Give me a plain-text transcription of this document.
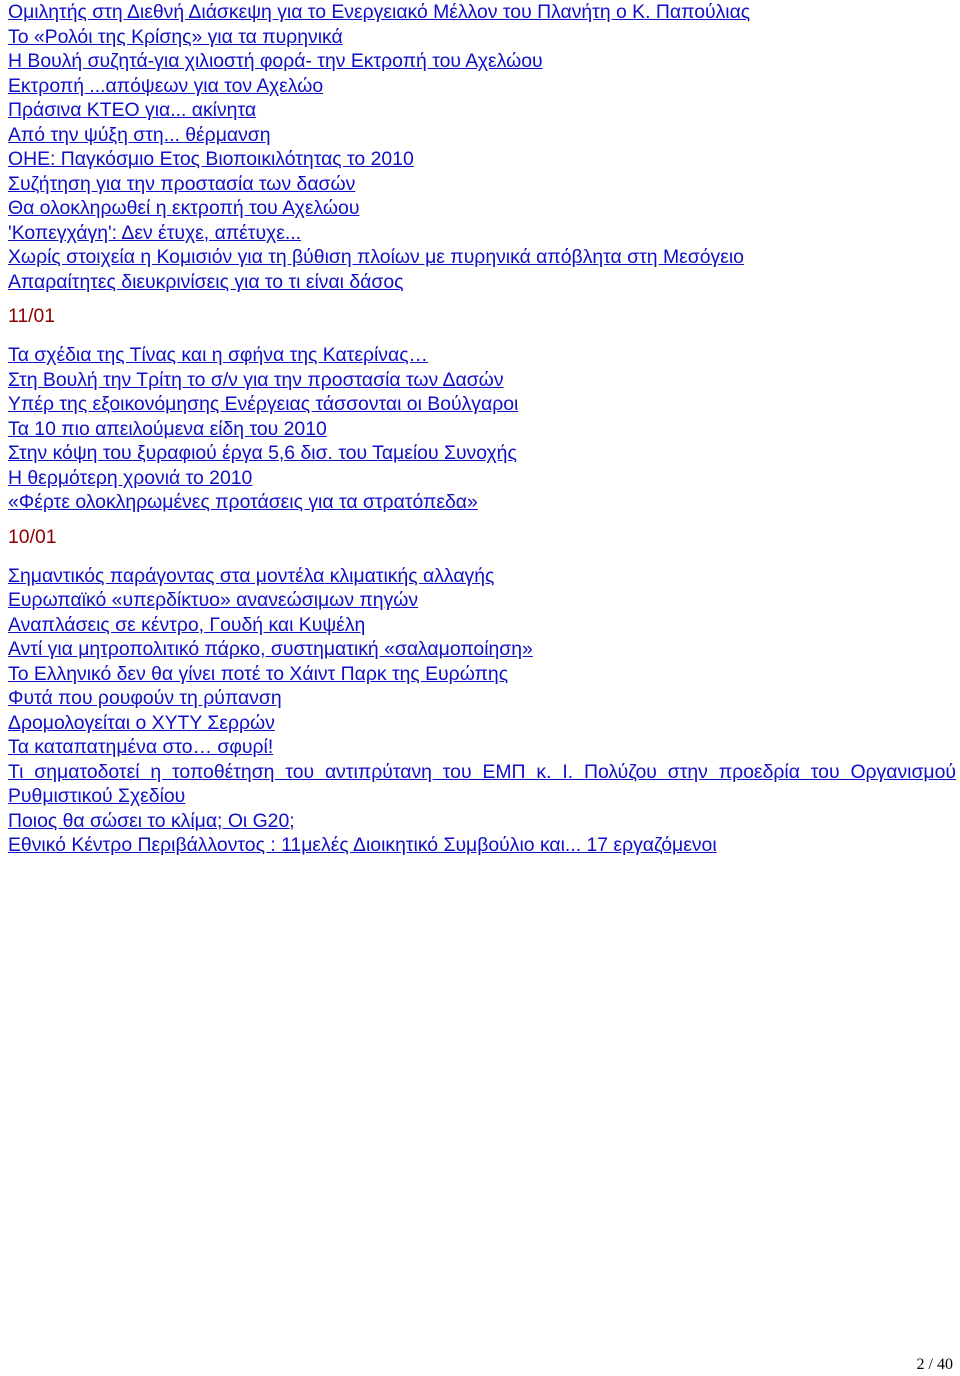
Ομιλητής στη Διεθνή Διάσκεψη για το Ενεργειακό Μέλλον του Πλανήτη ο Κ. Παπούλιας
Το «Ρολόι της Κρίσης» για τα πυρηνικά
Η Βουλή συζητά-για χιλιοστή φορά- την Εκτροπή του Αχελώου
Εκτροπή ...απόψεων για τον Αχελώο
Πράσινα ΚΤΕΟ για... ακίνητα
Από την ψύξη στη... θέρμανση
ΟΗΕ: Παγκόσμιο Ετος Βιοποικιλότητας το 2010
Συζήτηση για την προστασία των δασών
Θα ολοκληρωθεί η εκτροπή του Αχελώου
'Κοπεγχάγη': Δεν έτυχε, απέτυχε...
Χωρίς στοιχεία η Κομισιόν για τη βύθιση πλοίων με πυρηνικά απόβλητα στη Μεσόγειο
Απαραίτητες διευκρινίσεις για το τι είναι δάσος
11/01
Τα σχέδια της Τίνας και η σφήνα της Κατερίνας…
Στη Βουλή την Τρίτη το σ/ν για την προστασία των Δασών
Υπέρ της εξοικονόμησης Ενέργειας τάσσονται οι Βούλγαροι
Τα 10 πιο απειλούμενα είδη του 2010
Στην κόψη του ξυραφιού έργα 5,6 δισ. του Ταμείου Συνοχής
Η θερμότερη χρονιά το 2010
«Φέρτε ολοκληρωμένες προτάσεις για τα στρατόπεδα»
10/01
Σημαντικός παράγοντας στα μοντέλα κλιματικής αλλαγής
Ευρωπαϊκό «υπερδίκτυο» ανανεώσιμων πηγών
Αναπλάσεις σε κέντρο, Γουδή και Κυψέλη
Αντί για μητροπολιτικό πάρκο, συστηματική «σαλαμοποίηση»
Το Ελληνικό δεν θα γίνει ποτέ το Χάιντ Παρκ της Ευρώπης
Φυτά που ρουφούν τη ρύπανση
Δρομολογείται ο ΧΥΤΥ Σερρών
Τα καταπατημένα στο… σφυρί!
Τι σηματοδοτεί η τοποθέτηση του αντιπρύτανη του ΕΜΠ κ. Ι. Πολύζου στην προεδρία του Οργανισμού Ρυθμιστικού Σχεδίου
Ποιος θα σώσει το κλίμα; Οι G20;
Εθνικό Κέντρο Περιβάλλοντος : 11μελές Διοικητικό Συμβούλιο και... 17 εργαζόμενοι
2 / 40
